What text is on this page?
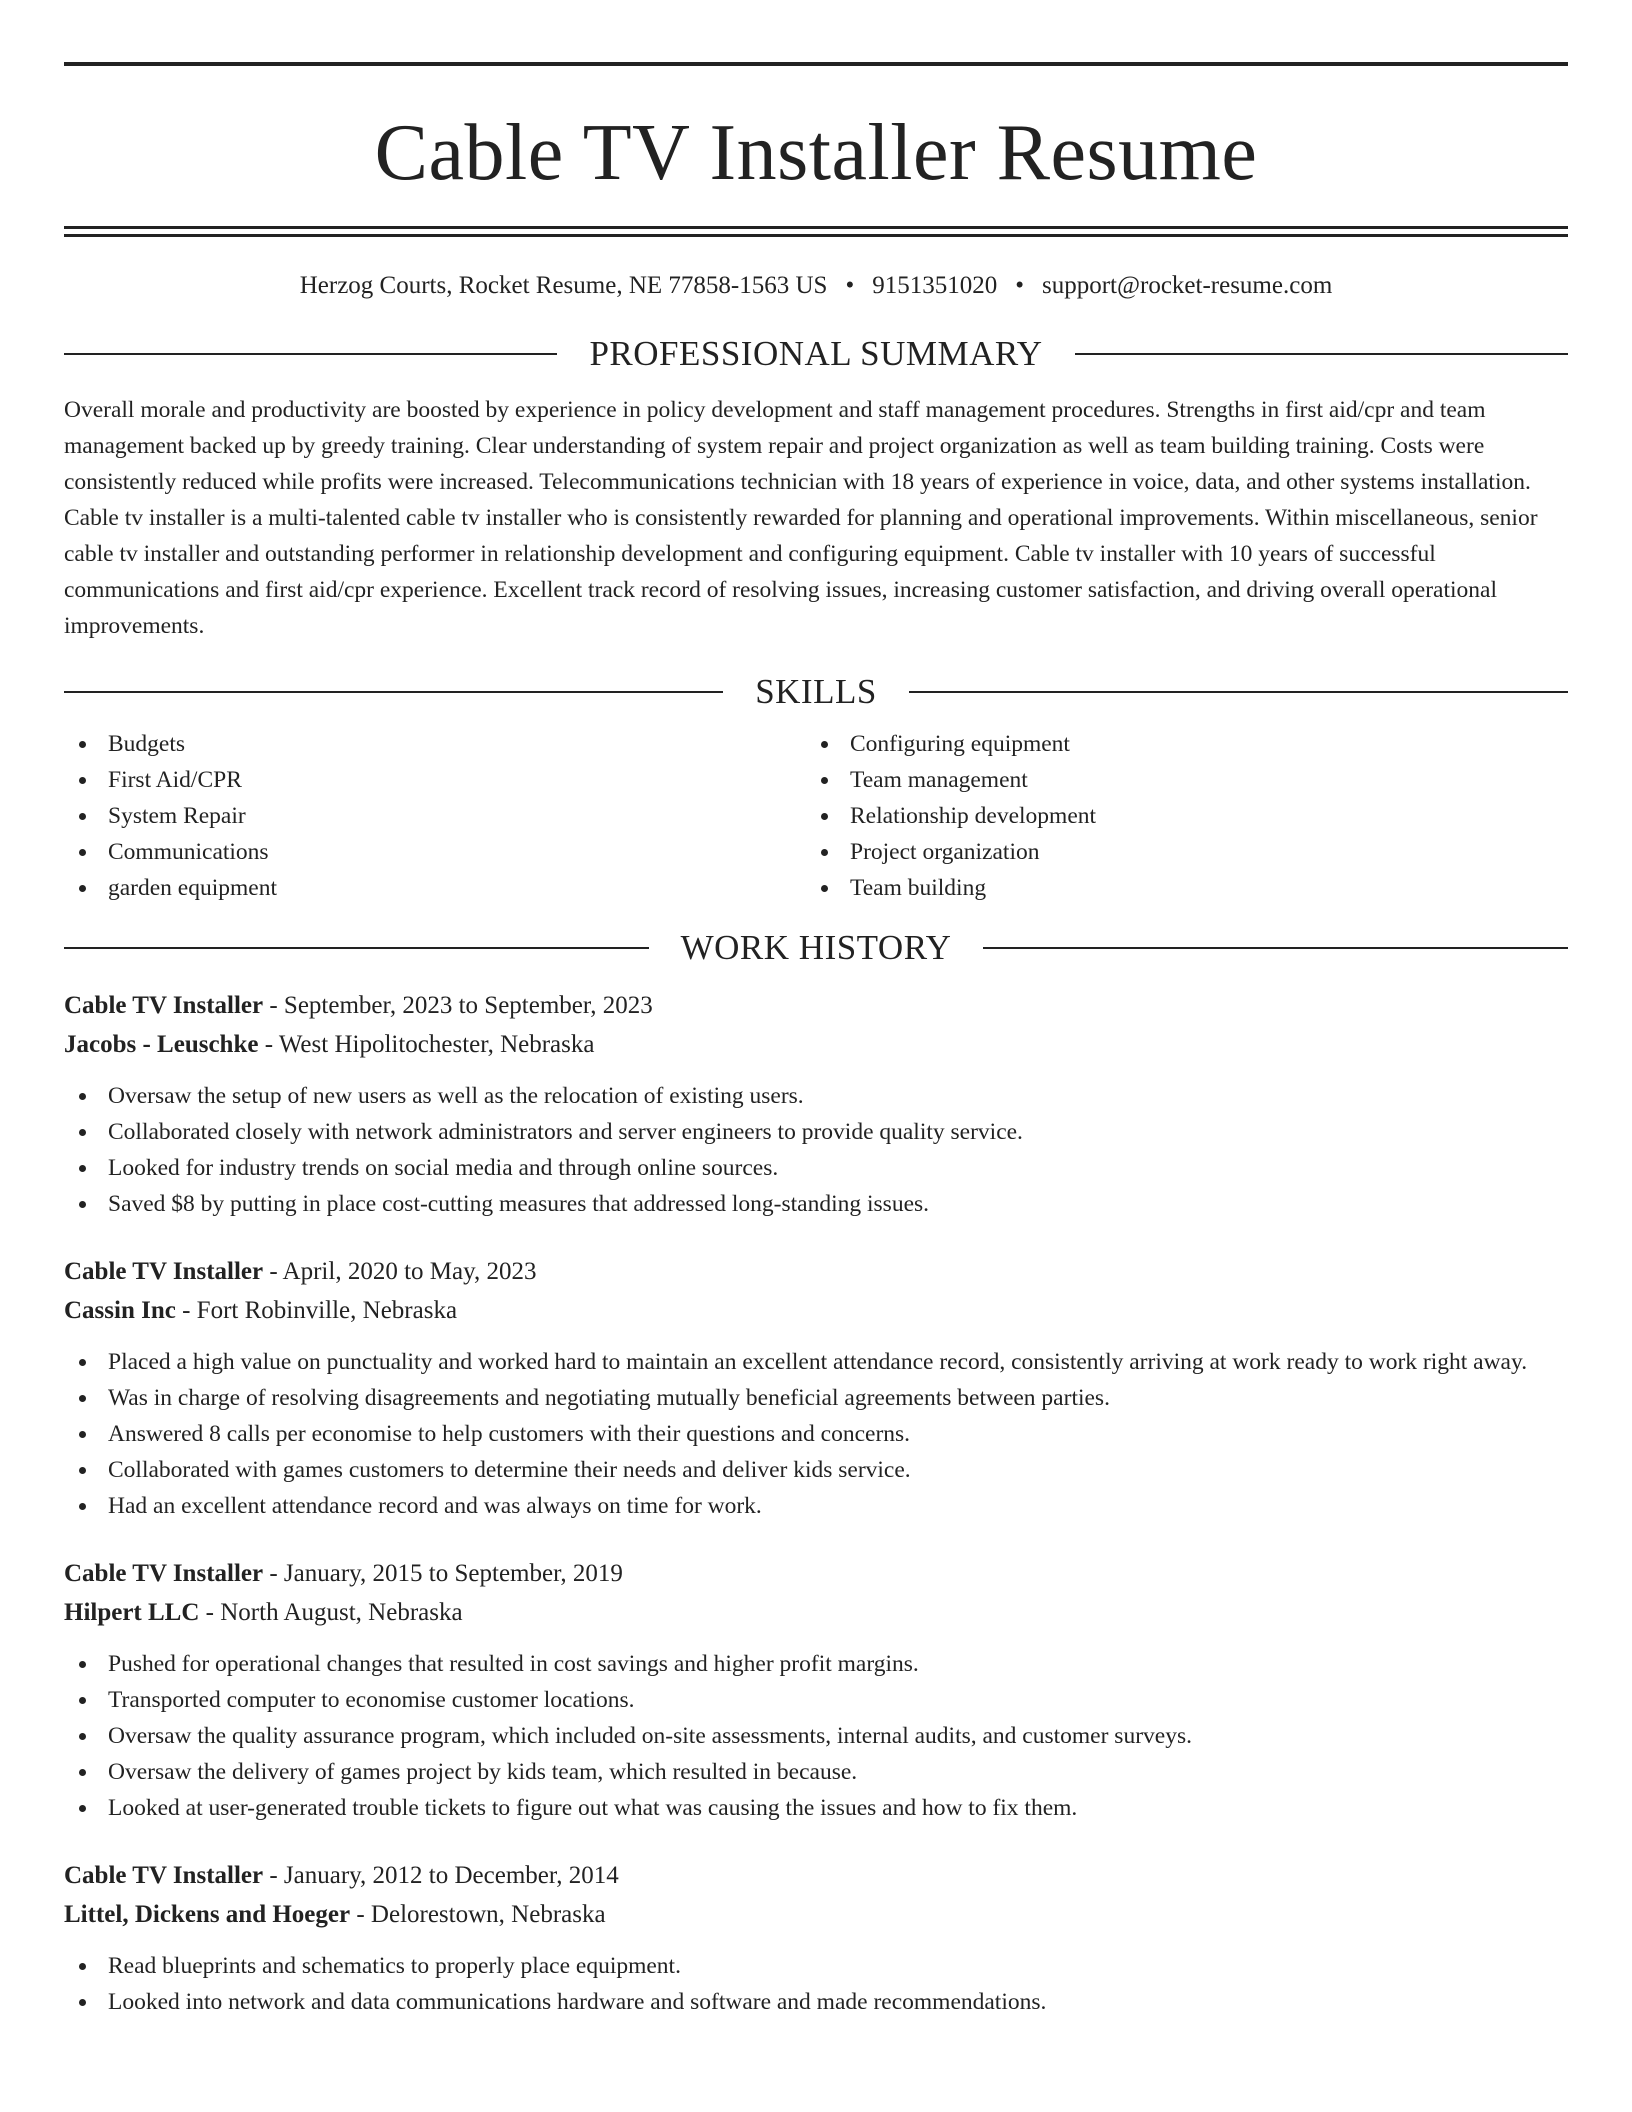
Cable TV Installer Resume
Herzog Courts, Rocket Resume, NE 77858-1563 US • 9151351020 • support@rocket-resume.com
PROFESSIONAL SUMMARY
Overall morale and productivity are boosted by experience in policy development and staff management procedures. Strengths in first aid/cpr and team management backed up by greedy training. Clear understanding of system repair and project organization as well as team building training. Costs were consistently reduced while profits were increased. Telecommunications technician with 18 years of experience in voice, data, and other systems installation. Cable tv installer is a multi-talented cable tv installer who is consistently rewarded for planning and operational improvements. Within miscellaneous, senior cable tv installer and outstanding performer in relationship development and configuring equipment. Cable tv installer with 10 years of successful communications and first aid/cpr experience. Excellent track record of resolving issues, increasing customer satisfaction, and driving overall operational improvements.
SKILLS
Budgets
First Aid/CPR
System Repair
Communications
garden equipment
Configuring equipment
Team management
Relationship development
Project organization
Team building
WORK HISTORY
Cable TV Installer - September, 2023 to September, 2023
Jacobs - Leuschke - West Hipolitochester, Nebraska
Oversaw the setup of new users as well as the relocation of existing users.
Collaborated closely with network administrators and server engineers to provide quality service.
Looked for industry trends on social media and through online sources.
Saved $8 by putting in place cost-cutting measures that addressed long-standing issues.
Cable TV Installer - April, 2020 to May, 2023
Cassin Inc - Fort Robinville, Nebraska
Placed a high value on punctuality and worked hard to maintain an excellent attendance record, consistently arriving at work ready to work right away.
Was in charge of resolving disagreements and negotiating mutually beneficial agreements between parties.
Answered 8 calls per economise to help customers with their questions and concerns.
Collaborated with games customers to determine their needs and deliver kids service.
Had an excellent attendance record and was always on time for work.
Cable TV Installer - January, 2015 to September, 2019
Hilpert LLC - North August, Nebraska
Pushed for operational changes that resulted in cost savings and higher profit margins.
Transported computer to economise customer locations.
Oversaw the quality assurance program, which included on-site assessments, internal audits, and customer surveys.
Oversaw the delivery of games project by kids team, which resulted in because.
Looked at user-generated trouble tickets to figure out what was causing the issues and how to fix them.
Cable TV Installer - January, 2012 to December, 2014
Littel, Dickens and Hoeger - Delorestown, Nebraska
Read blueprints and schematics to properly place equipment.
Looked into network and data communications hardware and software and made recommendations.
